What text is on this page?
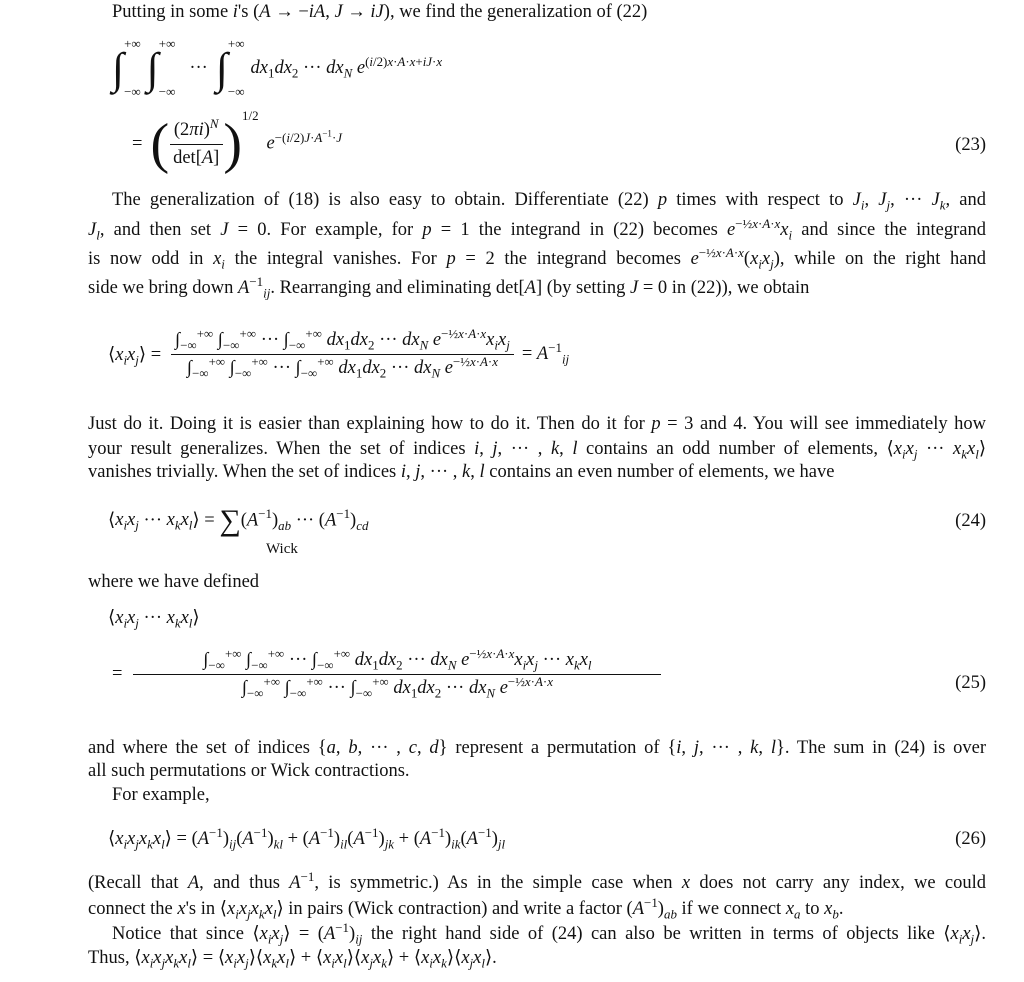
Putting in some i's (A → −iA, J → iJ), we find the generalization of (22)
∫ +∞
−∞ ∫ +∞
−∞
··· ∫ +∞
−∞
$dx_1dx_2$ ··· $dx_N$ $e^{(i/2)x\cdot A\cdot x+iJ\cdot x}$
= ( $\frac{(2\pi i)^N}{\det[A]}$ ) $^{1/2}$
$e^{-(i/2)J\cdot A^{-1}\cdot J}$	(23)
The generalization of (18) is also easy to obtain. Differentiate (22) p times with respect to $J_i$, $J_j$, ··· $J_k$, and
$J_l$, and then set J = 0. For example, for p = 1 the integrand in (22) becomes $e^{-\frac{1}{2}x\cdot A\cdot x}x_i$ and since the integrand
is now odd in $x_i$ the integral vanishes. For p = 2 the integrand becomes $e^{-\frac{1}{2}x\cdot A\cdot x}(x_ix_j)$, while on the right hand
side we bring down $A^{-1}_{ij}$. Rearranging and eliminating det[A] (by setting J = 0 in (22)), we obtain
$⟨x_ix_j⟩ = \frac{\int_{-\infty}^{+\infty} \int_{-\infty}^{+\infty} \cdot\cdot\cdot \int_{-\infty}^{+\infty} dx_1dx_2 \cdot\cdot\cdot dx_N e^{-\frac{1}{2}x\cdot A\cdot x}x_ix_j}{\int_{-\infty}^{+\infty} \int_{-\infty}^{+\infty} \cdot\cdot\cdot \int_{-\infty}^{+\infty} dx_1dx_2 \cdot\cdot\cdot dx_N e^{-\frac{1}{2}x\cdot A\cdot x}} = A^{-1}_{ij}$
Just do it. Doing it is easier than explaining how to do it. Then do it for p = 3 and 4. You will see immediately how
your result generalizes. When the set of indices i, j, ··· , k, l contains an odd number of elements, $⟨x_ix_j$ ··· $x_kx_l⟩$
vanishes trivially. When the set of indices i, j, ··· , k, l contains an even number of elements, we have
$⟨x_ix_j$ ··· $x_kx_l⟩ = \sum(A^{-1})_{ab}$ ··· $(A^{-1})_{cd}$
Wick
(24)
where we have defined
$⟨x_ix_j$ ··· $x_kx_l⟩$
= $\frac{\int_{-\infty}^{+\infty} \int_{-\infty}^{+\infty} \cdot\cdot\cdot \int_{-\infty}^{+\infty} dx_1dx_2 \cdot\cdot\cdot dx_N e^{-\frac{1}{2}x\cdot A\cdot x}x_ix_j \cdot\cdot\cdot x_kx_l}{\int_{-\infty}^{+\infty} \int_{-\infty}^{+\infty} \cdot\cdot\cdot \int_{-\infty}^{+\infty} dx_1dx_2 \cdot\cdot\cdot dx_N e^{-\frac{1}{2}x\cdot A\cdot x}}$	(25)
and where the set of indices {a, b, ··· , c, d} represent a permutation of {i, j, ··· , k, l}. The sum in (24) is over
all such permutations or Wick contractions.
For example,
$⟨x_ix_jx_kx_l⟩ = (A^{-1})_{ij}(A^{-1})_{kl} + (A^{-1})_{il}(A^{-1})_{jk} + (A^{-1})_{ik}(A^{-1})_{jl}$	(26)
(Recall that A, and thus $A^{-1}$, is symmetric.) As in the simple case when x does not carry any index, we could
connect the x's in $⟨x_ix_jx_kx_l⟩$ in pairs (Wick contraction) and write a factor $(A^{-1})_{ab}$ if we connect $x_a$ to $x_b$.
Notice that since $⟨x_ix_j⟩ = (A^{-1})_{ij}$ the right hand side of (24) can also be written in terms of objects like $⟨x_ix_j⟩$.
Thus, $⟨x_ix_jx_kx_l⟩$ = $⟨x_ix_j⟩⟨x_kx_l⟩$ + $⟨x_ix_l⟩⟨x_jx_k⟩$ + $⟨x_ix_k⟩⟨x_jx_l⟩$.
